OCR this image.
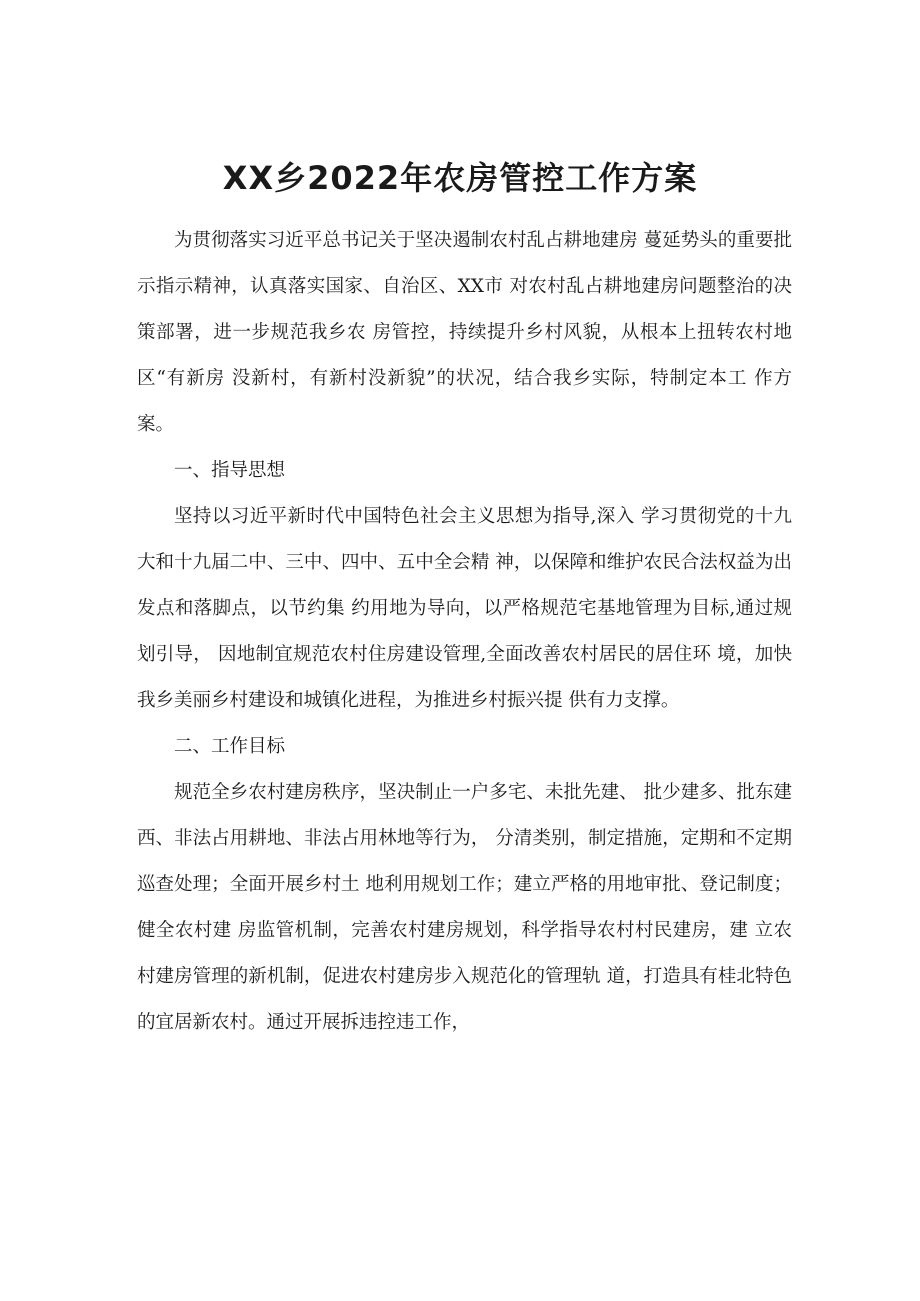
XX乡2022年农房管控工作方案

为贯彻落实习近平总书记关于坚决遏制农村乱占耕地建房 蔓延势头的重要批示指示精神，认真落实国家、自治区、XX市 对农村乱占耕地建房问题整治的决策部署，进一步规范我乡农 房管控，持续提升乡村风貌，从根本上扭转农村地区“有新房 没新村，有新村没新貌”的状况，结合我乡实际，特制定本工 作方案。

一、指导思想

坚持以习近平新时代中国特色社会主义思想为指导,深入 学习贯彻党的十九大和十九届二中、三中、四中、五中全会精 神，以保障和维护农民合法权益为出发点和落脚点，以节约集 约用地为导向，以严格规范宅基地管理为目标,通过规划引导， 因地制宜规范农村住房建设管理,全面改善农村居民的居住环 境，加快我乡美丽乡村建设和城镇化进程，为推进乡村振兴提 供有力支撑。

二、工作目标

规范全乡农村建房秩序，坚决制止一户多宅、未批先建、 批少建多、批东建西、非法占用耕地、非法占用林地等行为， 分清类别，制定措施，定期和不定期巡查处理；全面开展乡村土 地利用规划工作；建立严格的用地审批、登记制度；健全农村建 房监管机制，完善农村建房规划，科学指导农村村民建房，建 立农村建房管理的新机制，促进农村建房步入规范化的管理轨 道，打造具有桂北特色的宜居新农村。通过开展拆违控违工作，
